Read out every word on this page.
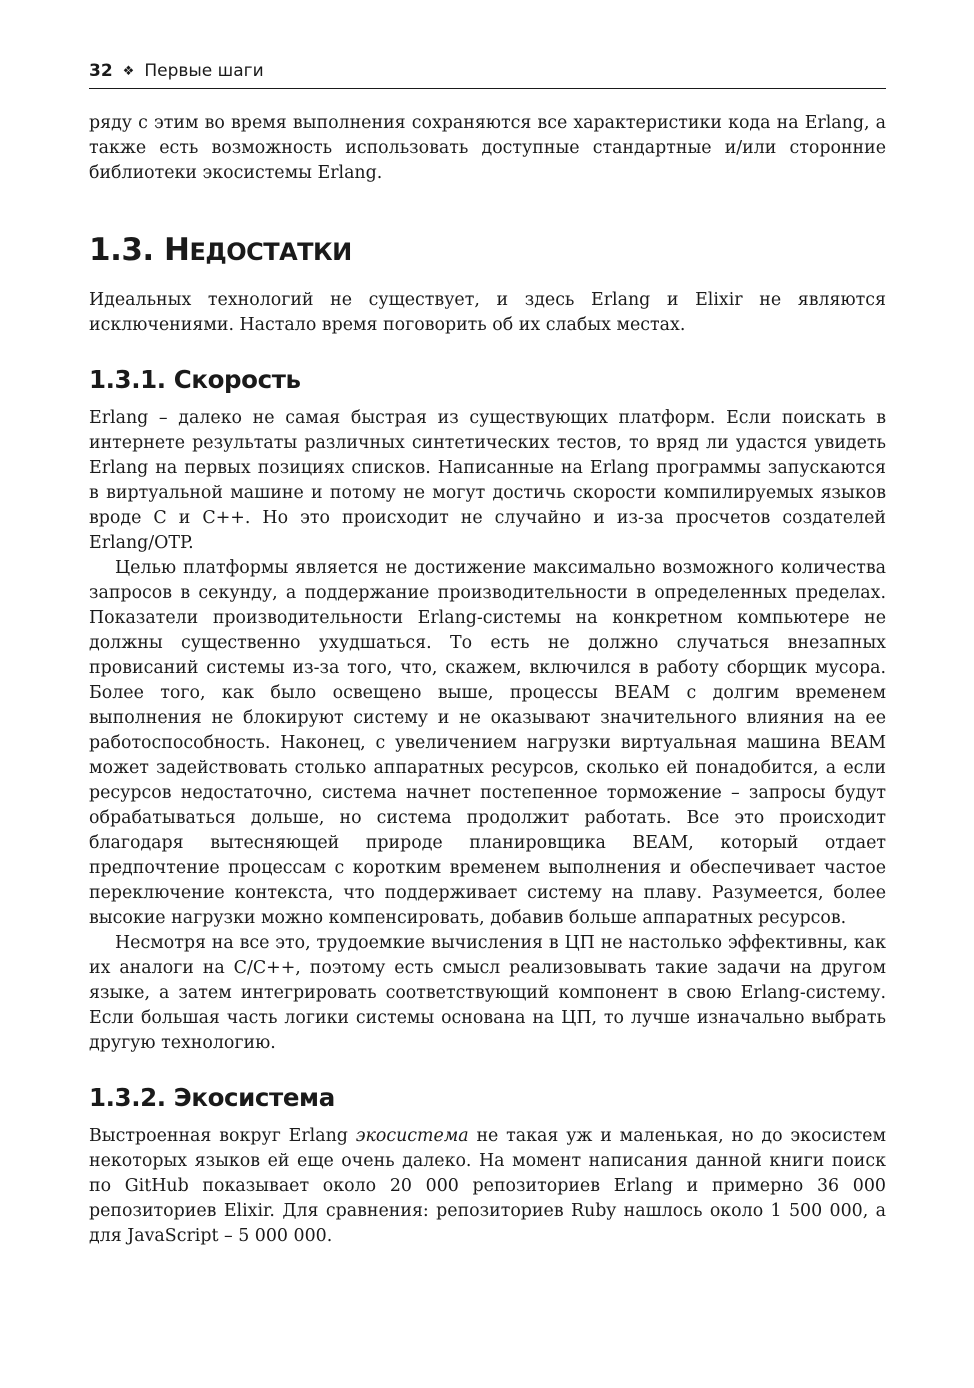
32 ❖ Первые шаги

ряду с этим во время выполнения сохраняются все характеристики кода на Erlang, а также есть возможность использовать доступные стандартные и/или сторонние библиотеки экосистемы Erlang.

1.3. НЕДОСТАТКИ

Идеальных технологий не существует, и здесь Erlang и Elixir не являются исключениями. Настало время поговорить об их слабых местах.

1.3.1. Скорость

Erlang – далеко не самая быстрая из существующих платформ. Если поискать в интернете результаты различных синтетических тестов, то вряд ли удастся увидеть Erlang на первых позициях списков. Написанные на Erlang программы запускаются в виртуальной машине и потому не могут достичь скорости компилируемых языков вроде C и C++. Но это происходит не случайно и из-за просчетов создателей Erlang/OTP.

Целью платформы является не достижение максимально возможного количества запросов в секунду, а поддержание производительности в определенных пределах. Показатели производительности Erlang-системы на конкретном компьютере не должны существенно ухудшаться. То есть не должно случаться внезапных провисаний системы из-за того, что, скажем, включился в работу сборщик мусора. Более того, как было освещено выше, процессы BEAM с долгим временем выполнения не блокируют систему и не оказывают значительного влияния на ее работоспособность. Наконец, с увеличением нагрузки виртуальная машина BEAM может задействовать столько аппаратных ресурсов, сколько ей понадобится, а если ресурсов недостаточно, система начнет постепенное торможение – запросы будут обрабатываться дольше, но система продолжит работать. Все это происходит благодаря вытесняющей природе планировщика BEAM, который отдает предпочтение процессам с коротким временем выполнения и обеспечивает частое переключение контекста, что поддерживает систему на плаву. Разумеется, более высокие нагрузки можно компенсировать, добавив больше аппаратных ресурсов.

Несмотря на все это, трудоемкие вычисления в ЦП не настолько эффективны, как их аналоги на C/C++, поэтому есть смысл реализовывать такие задачи на другом языке, а затем интегрировать соответствующий компонент в свою Erlang-систему. Если большая часть логики системы основана на ЦП, то лучше изначально выбрать другую технологию.

1.3.2. Экосистема

Выстроенная вокруг Erlang экосистема не такая уж и маленькая, но до экосистем некоторых языков ей еще очень далеко. На момент написания данной книги поиск по GitHub показывает около 20 000 репозиториев Erlang и примерно 36 000 репозиториев Elixir. Для сравнения: репозиториев Ruby нашлось около 1 500 000, а для JavaScript – 5 000 000.
